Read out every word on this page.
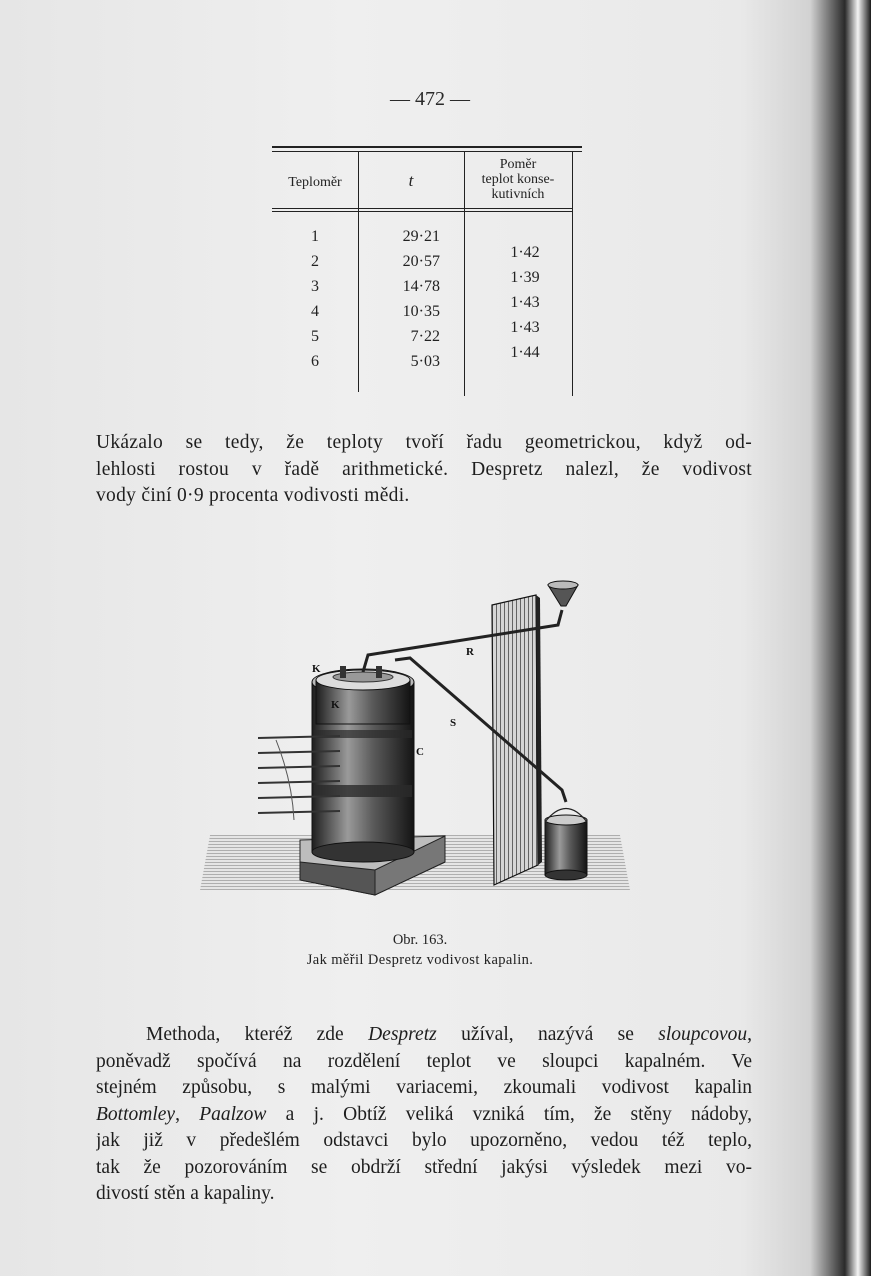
— 472 —
Teploměr	t
Poměr
teplot konse-
kutivních
1
2
3
4
5
6
29·21
20·57
14·78
10·35
7·22
5·03
1·42
1·39
1·43
1·43
1·44
Ukázalo se tedy, že teploty tvoří řadu geometrickou, když od-
lehlosti rostou v řadě arithmetické. Despretz nalezl, že vodivost
vody činí 0·9 procenta vodivosti mědi.
K
K
R
S
C
Obr. 163.
Jak měřil Despretz vodivost kapalin.
Methoda, kteréž zde Despretz užíval, nazývá se sloupcovou,
poněvadž spočívá na rozdělení teplot ve sloupci kapalném. Ve
stejném způsobu, s malými variacemi, zkoumali vodivost kapalin
Bottomley, Paalzow a j. Obtíž veliká vzniká tím, že stěny nádoby,
jak již v předešlém odstavci bylo upozorněno, vedou též teplo,
tak že pozorováním se obdrží střední jakýsi výsledek mezi vo-
divostí stěn a kapaliny.
